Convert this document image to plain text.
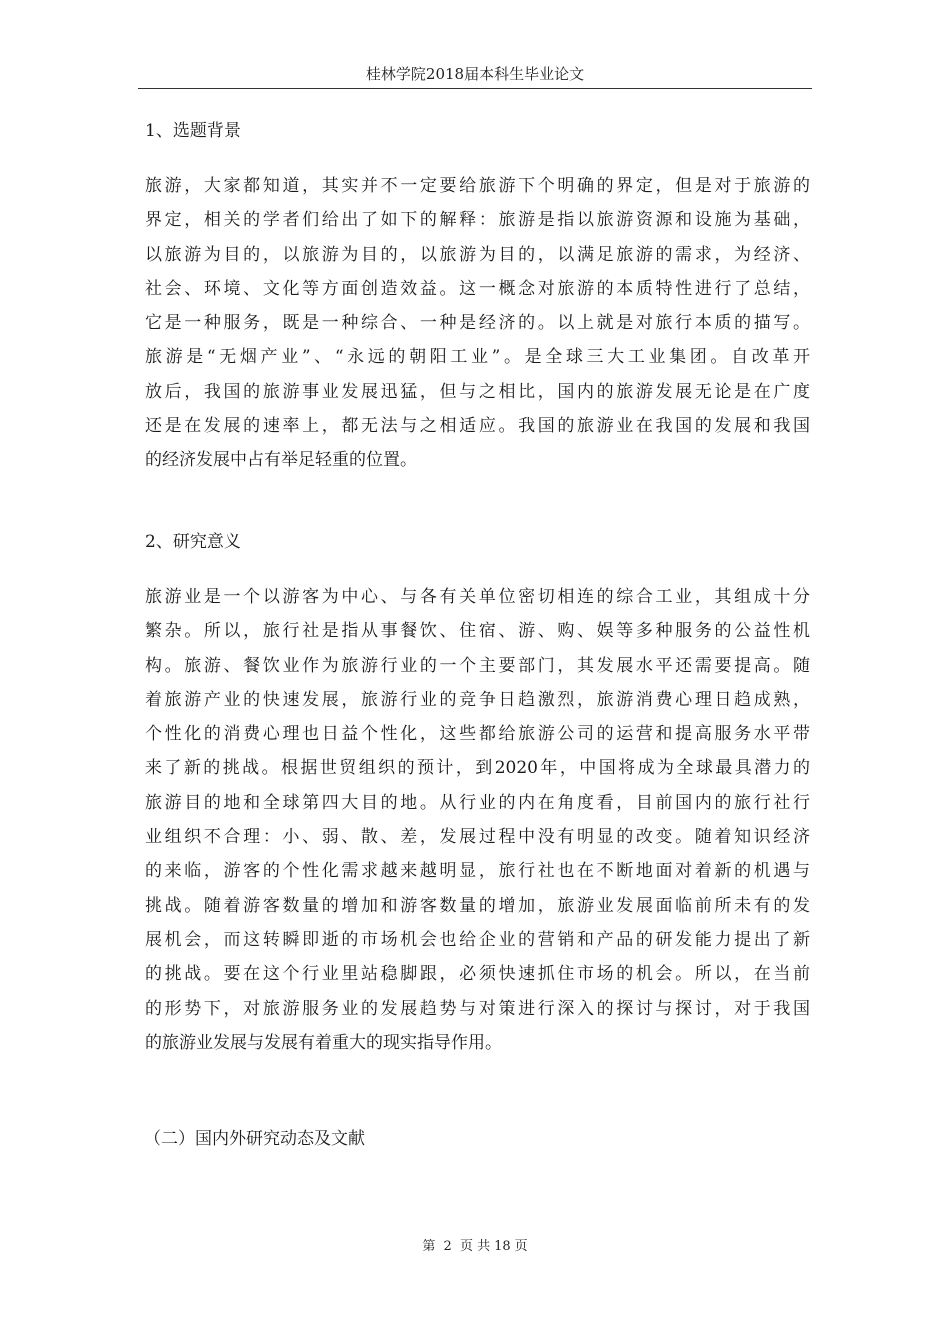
桂林学院2018届本科生毕业论文
1、选题背景
旅游，大家都知道，其实并不一定要给旅游下个明确的界定，但是对于旅游的
界定，相关的学者们给出了如下的解释：旅游是指以旅游资源和设施为基础，
以旅游为目的，以旅游为目的，以旅游为目的，以满足旅游的需求，为经济、
社会、环境、文化等方面创造效益。这一概念对旅游的本质特性进行了总结，
它是一种服务，既是一种综合、一种是经济的。以上就是对旅行本质的描写。
旅游是“无烟产业”、“永远的朝阳工业”。是全球三大工业集团。自改革开
放后，我国的旅游事业发展迅猛，但与之相比，国内的旅游发展无论是在广度
还是在发展的速率上，都无法与之相适应。我国的旅游业在我国的发展和我国
的经济发展中占有举足轻重的位置。
2、研究意义
旅游业是一个以游客为中心、与各有关单位密切相连的综合工业，其组成十分
繁杂。所以，旅行社是指从事餐饮、住宿、游、购、娱等多种服务的公益性机
构。旅游、餐饮业作为旅游行业的一个主要部门，其发展水平还需要提高。随
着旅游产业的快速发展，旅游行业的竞争日趋激烈，旅游消费心理日趋成熟，
个性化的消费心理也日益个性化，这些都给旅游公司的运营和提高服务水平带
来了新的挑战。根据世贸组织的预计，到2020年，中国将成为全球最具潜力的
旅游目的地和全球第四大目的地。从行业的内在角度看，目前国内的旅行社行
业组织不合理：小、弱、散、差，发展过程中没有明显的改变。随着知识经济
的来临，游客的个性化需求越来越明显，旅行社也在不断地面对着新的机遇与
挑战。随着游客数量的增加和游客数量的增加，旅游业发展面临前所未有的发
展机会，而这转瞬即逝的市场机会也给企业的营销和产品的研发能力提出了新
的挑战。要在这个行业里站稳脚跟，必须快速抓住市场的机会。所以，在当前
的形势下，对旅游服务业的发展趋势与对策进行深入的探讨与探讨，对于我国
的旅游业发展与发展有着重大的现实指导作用。
（二）国内外研究动态及文献
第 2 页 共 18 页
